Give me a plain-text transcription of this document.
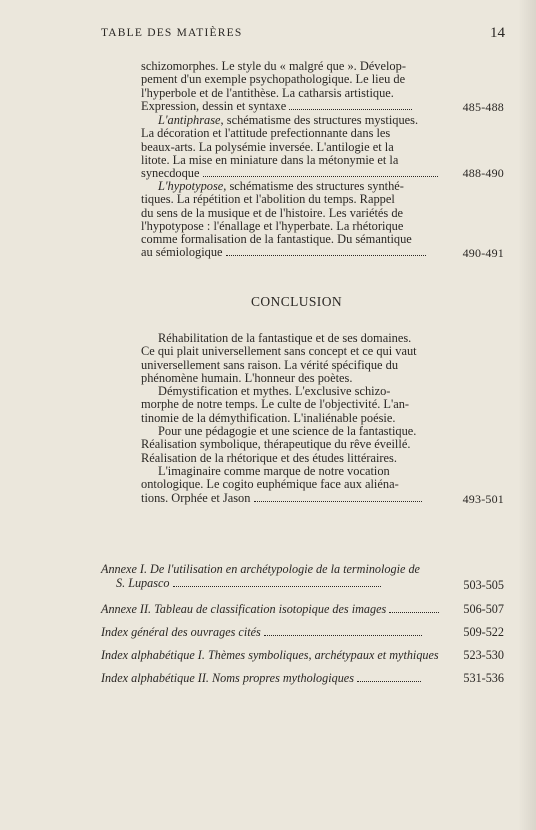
TABLE DES MATIÈRES	14
schizomorphes. Le style du « malgré que ». Dévelop-
pement d'un exemple psychopathologique. Le lieu de
l'hyperbole et de l'antithèse. La catharsis artistique.
Expression, dessin et syntaxe	485-488
L'antiphrase, schématisme des structures mystiques.
La décoration et l'attitude prefectionnante dans les
beaux-arts. La polysémie inversée. L'antilogie et la
litote. La mise en miniature dans la métonymie et la
synecdoque	488-490
L'hypotypose, schématisme des structures synthé-
tiques. La répétition et l'abolition du temps. Rappel
du sens de la musique et de l'histoire. Les variétés de
l'hypotypose : l'énallage et l'hyperbate. La rhétorique
comme formalisation de la fantastique. Du sémantique
au sémiologique	490-491
CONCLUSION
Réhabilitation de la fantastique et de ses domaines.
Ce qui plait universellement sans concept et ce qui vaut
universellement sans raison. La vérité spécifique du
phénomène humain. L'honneur des poètes.
Démystification et mythes. L'exclusive schizo-
morphe de notre temps. Le culte de l'objectivité. L'an-
tinomie de la démythification. L'inaliénable poésie.
Pour une pédagogie et une science de la fantastique.
Réalisation symbolique, thérapeutique du rêve éveillé.
Réalisation de la rhétorique et des études littéraires.
L'imaginaire comme marque de notre vocation
ontologique. Le cogito euphémique face aux aliéna-
tions. Orphée et Jason	493-501
Annexe I. De l'utilisation en archétypologie de la terminologie de
S. Lupasco	503-505
Annexe II. Tableau de classification isotopique des images	506-507
Index général des ouvrages cités	509-522
Index alphabétique I. Thèmes symboliques, archétypaux et mythiques	523-530
Index alphabétique II. Noms propres mythologiques	531-536
